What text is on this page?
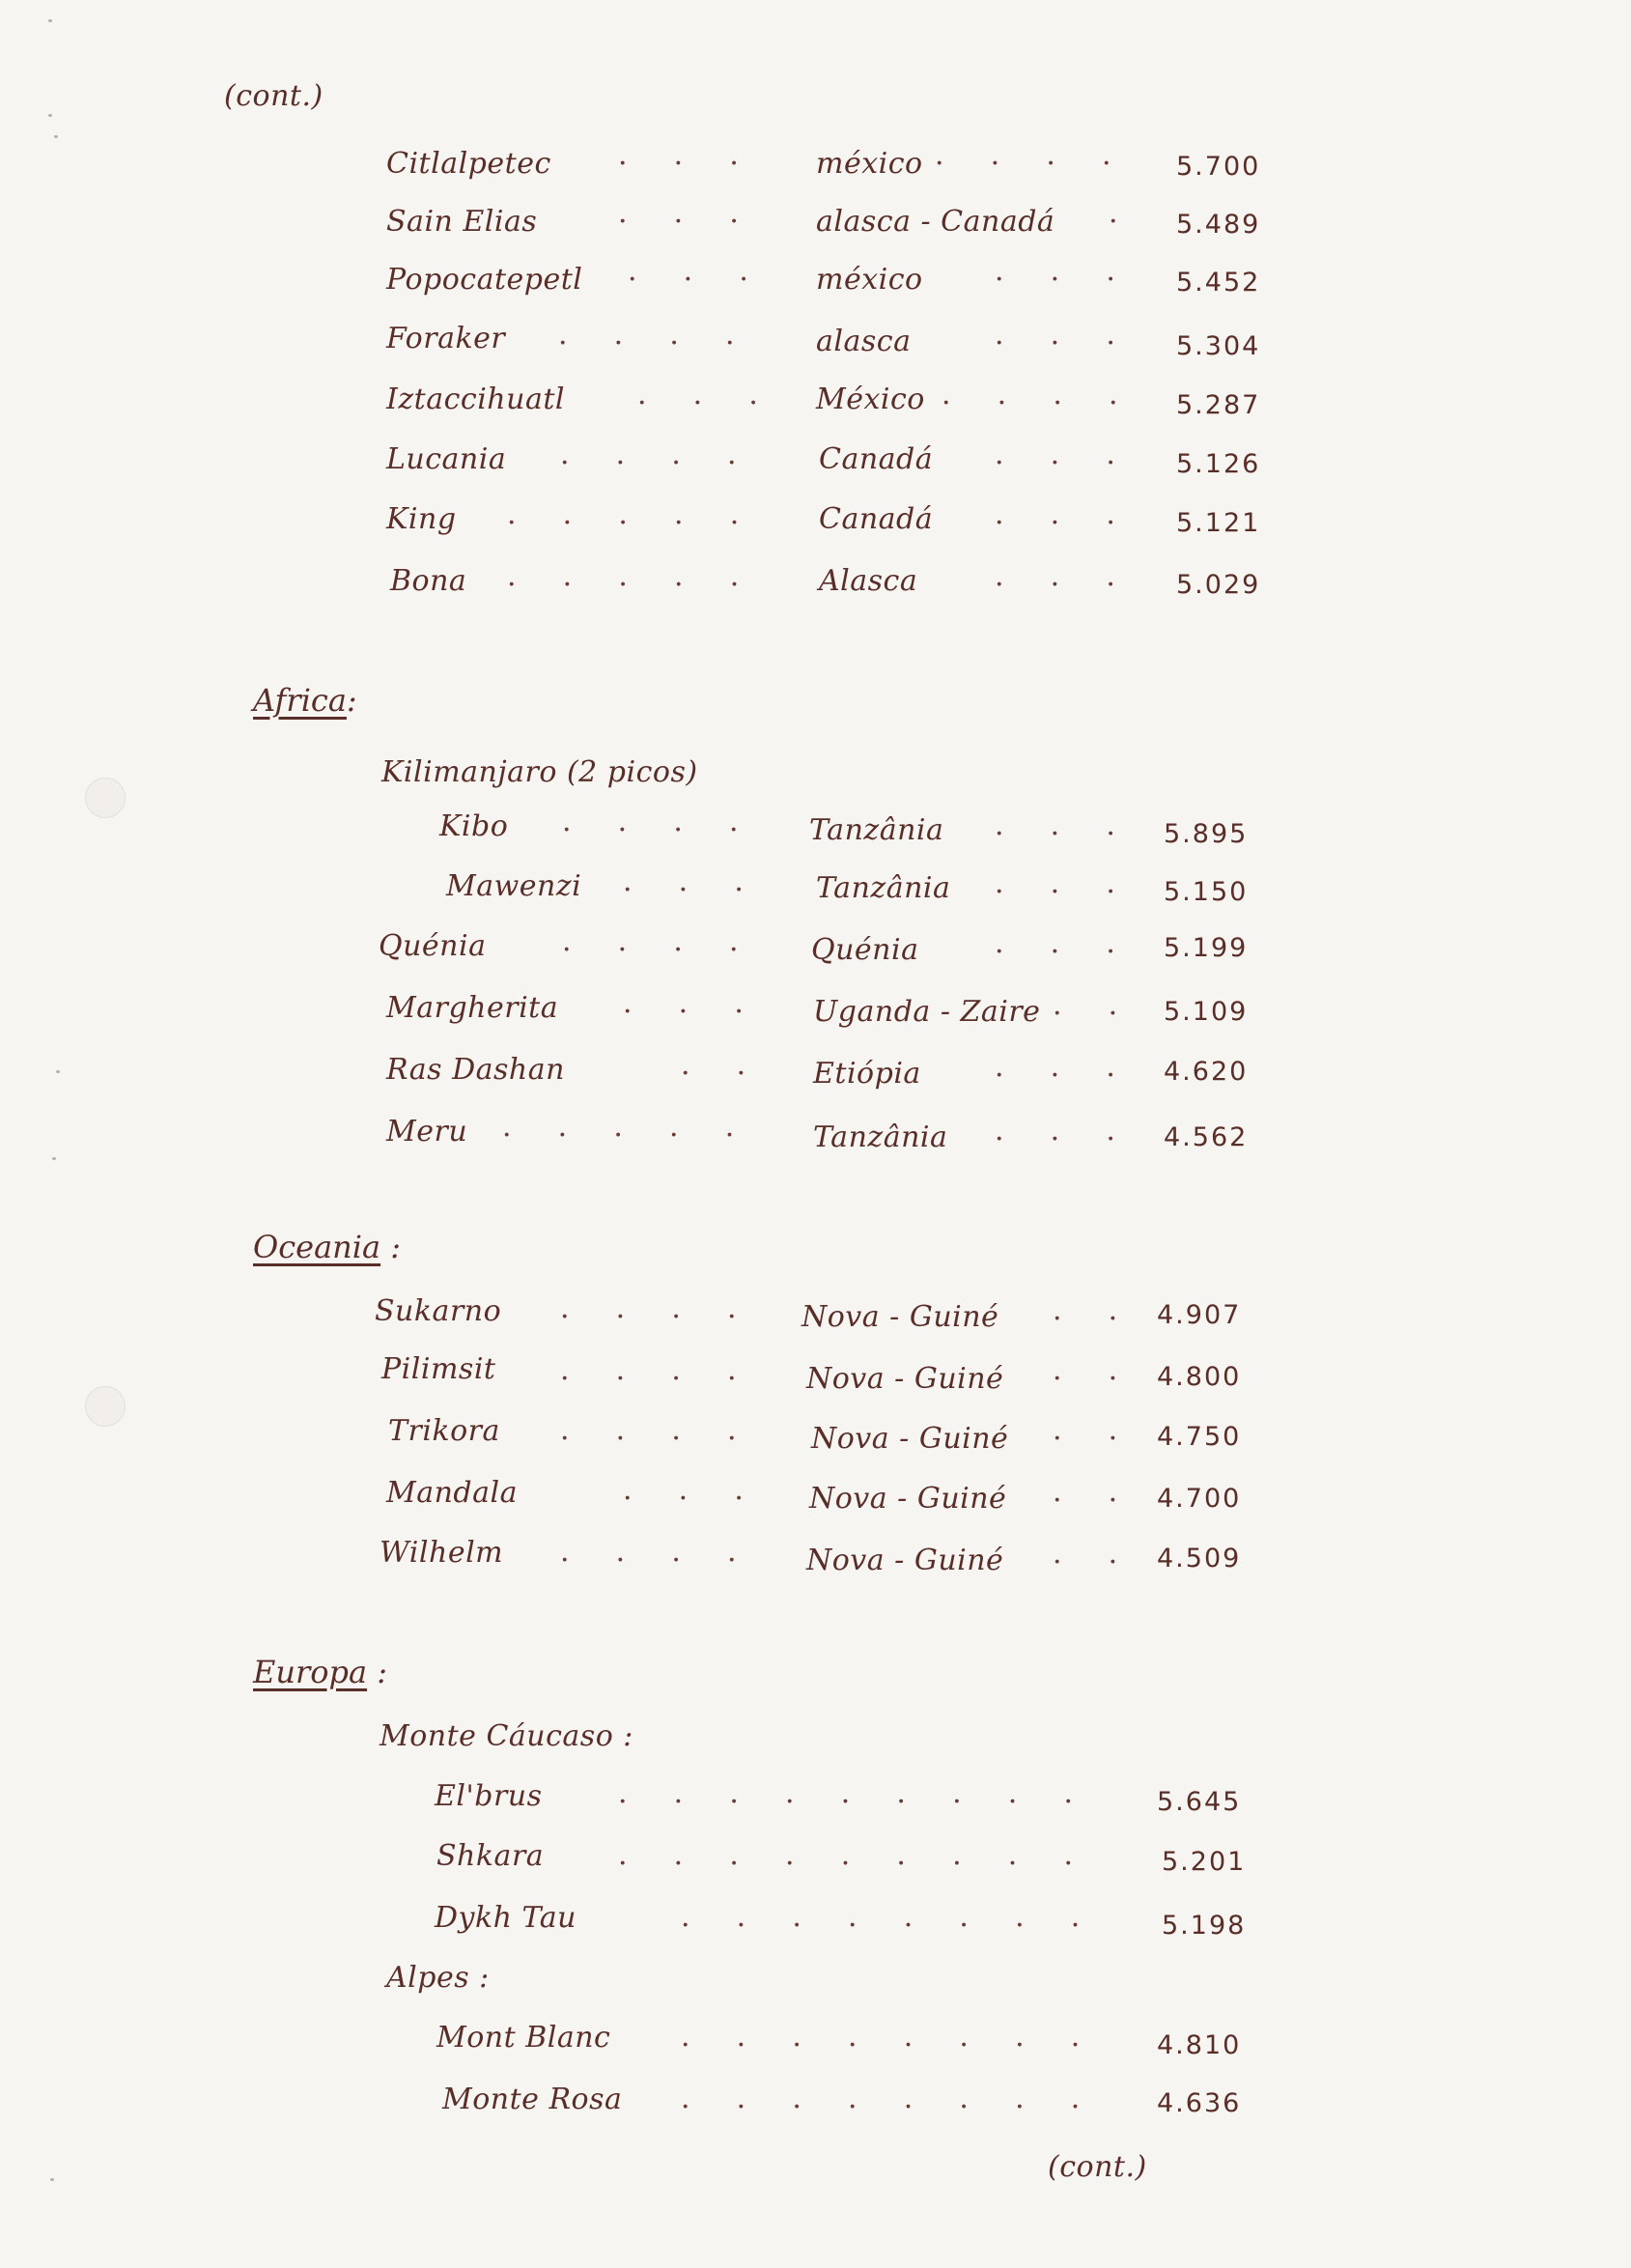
(cont.)
Citlalpetec ·    ·    ·	méxico ·    ·    ·    · 5.700
Sain Elias	·    ·    ·	alasca - Canadá · 5.489
Popocatepetl ·    ·    · méxico ·    ·    · 5.452
Foraker ·    ·    ·    ·	alasca	·    ·    · 5.304
Iztaccihuatl	·    ·    · México ·    ·    ·    · 5.287
Lucania ·    ·    ·    ·	Canadá ·    ·    · 5.126
King ·    ·    ·    ·    ·	Canadá ·    ·    · 5.121
Bona ·    ·    ·    ·    ·	Alasca	·    ·    · 5.029
Africa:
Kilimanjaro (2 picos)
Kibo ·    ·    ·    · Tanzânia ·    ·    · 5.895
Mawenzi ·    ·    · Tanzânia ·    ·    · 5.150
Quénia	·    ·    ·    · Quénia	·    ·    · 5.199
Margherita ·    ·    · Uganda - Zaire ·    · 5.109
Ras Dashan	·    · Etiópia	·    ·    · 4.620
Meru ·    ·    ·    ·    ·	Tanzânia ·    ·    · 4.562
Oceania :
Sukarno ·    ·    ·    · Nova - Guiné ·    · 4.907
Pilimsit ·    ·    ·    · Nova - Guiné ·    · 4.800
Trikora ·    ·    ·    ·	Nova - Guiné ·    · 4.750
Mandala	·    ·    · Nova - Guiné ·    · 4.700
Wilhelm ·    ·    ·    · Nova - Guiné ·    · 4.509
Europa :
Monte Cáucaso :
El'brus	·    ·    ·    ·    ·    ·    ·    ·    ·	5.645
Shkara	·    ·    ·    ·    ·    ·    ·    ·    ·	5.201
Dykh Tau	·    ·    ·    ·    ·    ·    ·    ·	5.198
Alpes :
Mont Blanc ·    ·    ·    ·    ·    ·    ·    ·	4.810
Monte Rosa ·    ·    ·    ·    ·    ·    ·    ·	4.636
(cont.)
